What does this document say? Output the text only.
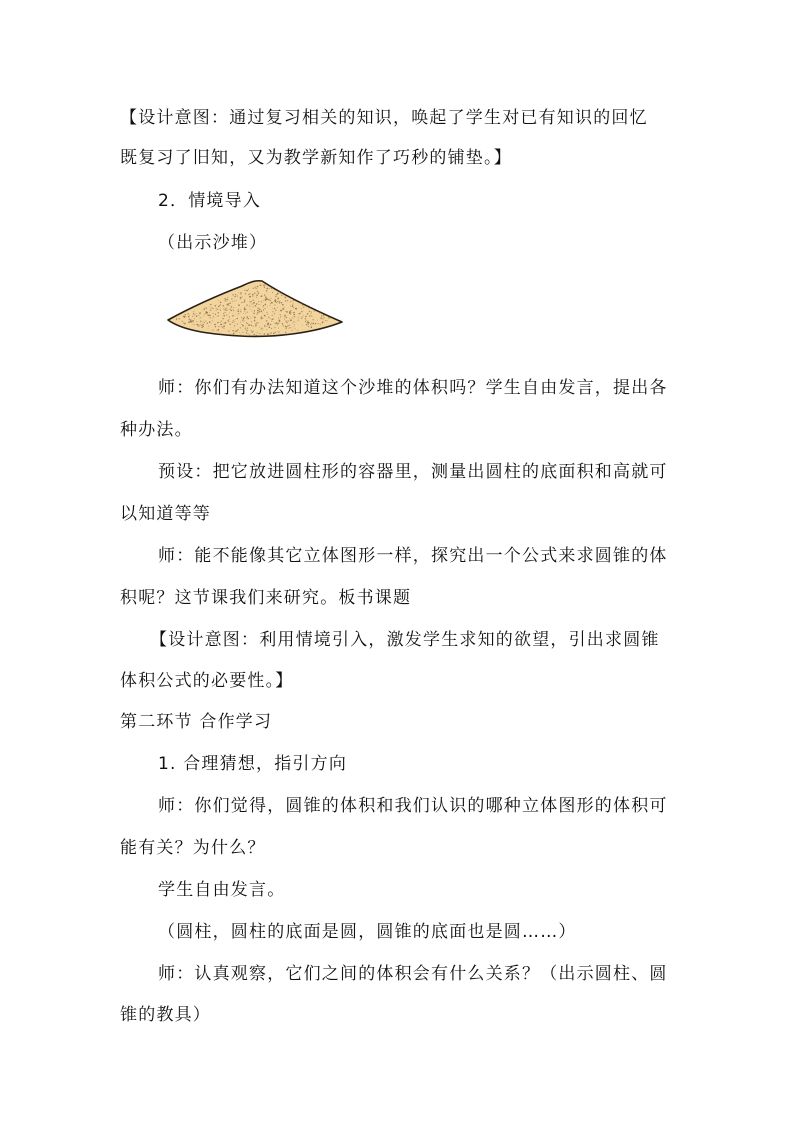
【设计意图：通过复习相关的知识，唤起了学生对已有知识的回忆

既复习了旧知，又为教学新知作了巧秒的铺垫。】

2．情境导入

（出示沙堆）

师：你们有办法知道这个沙堆的体积吗？学生自由发言，提出各

种办法。

预设：把它放进圆柱形的容器里，测量出圆柱的底面积和高就可

以知道等等

师：能不能像其它立体图形一样，探究出一个公式来求圆锥的体

积呢？这节课我们来研究。板书课题

【设计意图：利用情境引入，激发学生求知的欲望，引出求圆锥

体积公式的必要性。】

第二环节 合作学习

1. 合理猜想，指引方向

师：你们觉得，圆锥的体积和我们认识的哪种立体图形的体积可

能有关？为什么？

学生自由发言。

（圆柱，圆柱的底面是圆，圆锥的底面也是圆……）

师：认真观察，它们之间的体积会有什么关系？（出示圆柱、圆

锥的教具）
